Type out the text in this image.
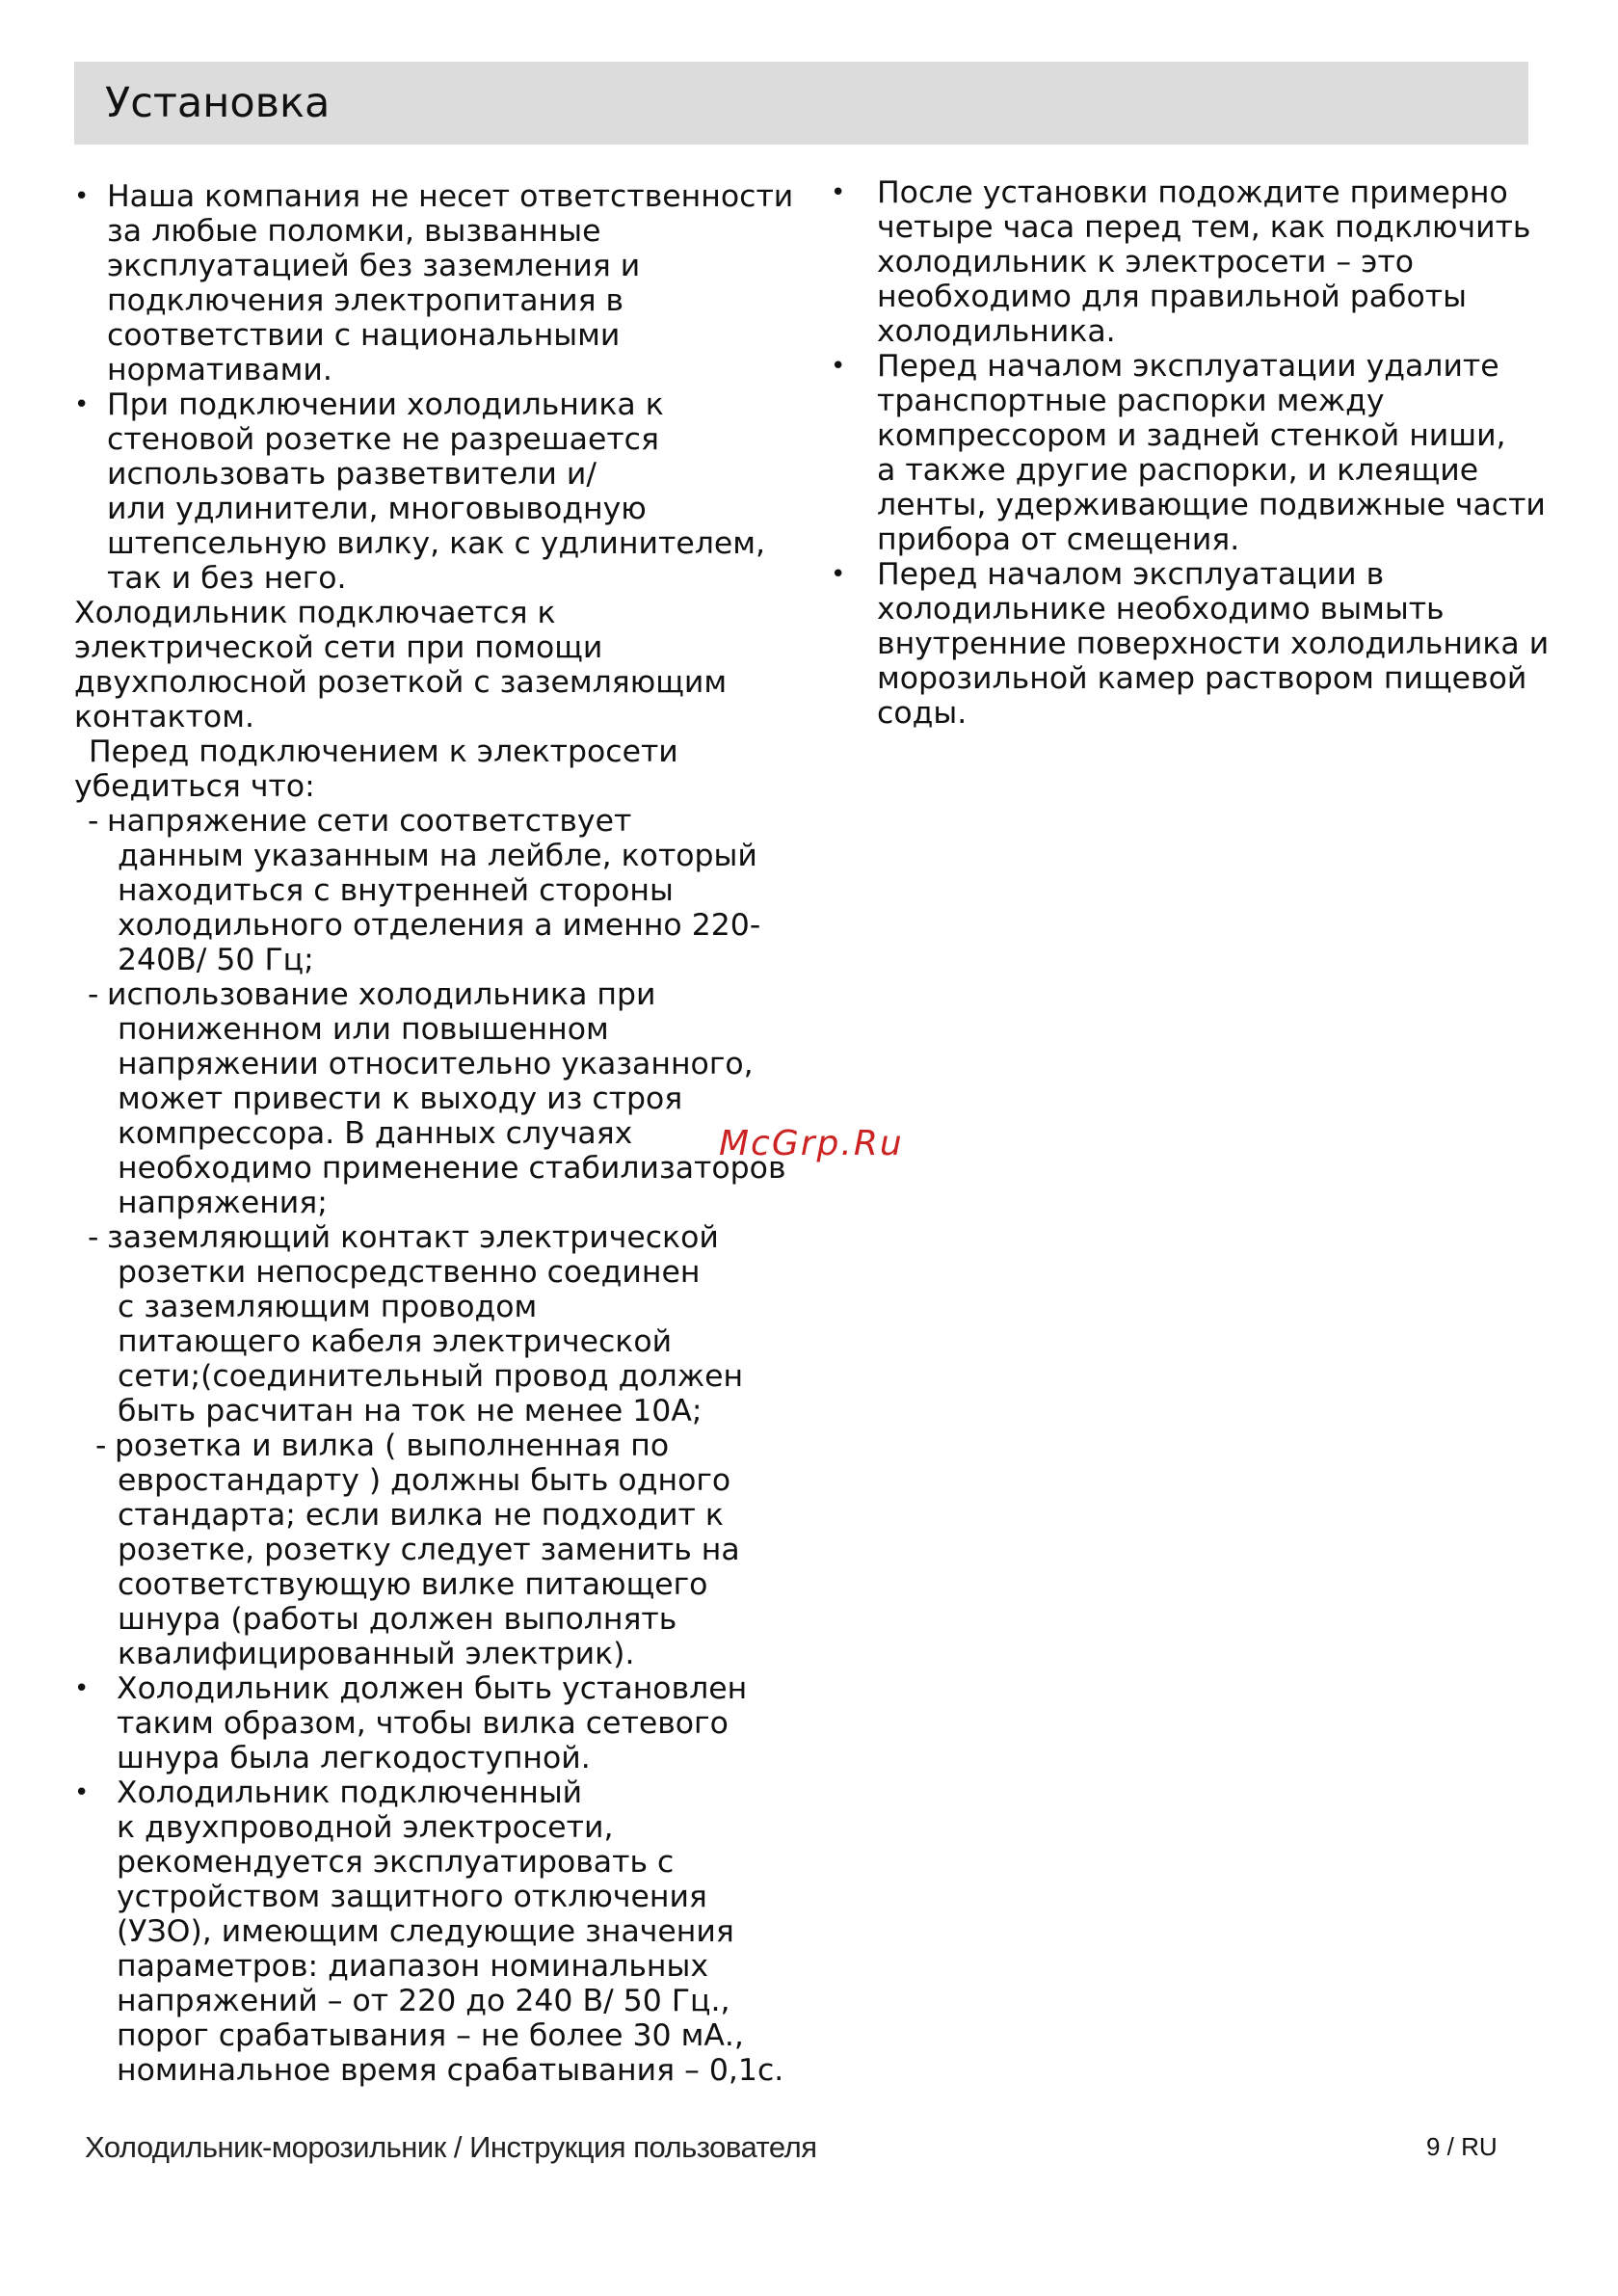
Установка
• Наша компания не несет ответственности
за любые поломки, вызванные
эксплуатацией без заземления и
подключения электропитания в
соответствии с национальными
нормативами.
• При подключении холодильника к
стеновой розетке не разрешается
использовать разветвители и/
или удлинители, многовыводную
штепсельную вилку, как с удлинителем,
так и без него.
Холодильник подключается к
электрической сети при помощи
двухполюсной розеткой с заземляющим
контактом.
Перед подключением к электросети
убедиться что:
- напряжение сети соответствует
данным указанным на лейбле, который
находиться с внутренней стороны
холодильного отделения а именно 220-
240В/ 50 Гц;
- использование холодильника при
пониженном или повышенном
напряжении относительно указанного,
может привести к выходу из строя
компрессора. В данных случаях
необходимо применение стабилизаторов
напряжения;
- заземляющий контакт электрической
розетки непосредственно соединен
с заземляющим проводом
питающего кабеля электрической
сети;(соединительный провод должен
быть расчитан на ток не менее 10А;
- розетка и вилка ( выполненная по
евростандарту ) должны быть одного
стандарта; если вилка не подходит к
розетке, розетку следует заменить на
соответствующую вилке питающего
шнура (работы должен выполнять
квалифицированный электрик).
• Холодильник должен быть установлен
таким образом, чтобы вилка сетевого
шнура была легкодоступной.
• Холодильник подключенный
к двухпроводной электросети,
рекомендуется эксплуатировать с
устройством защитного отключения
(УЗО), имеющим следующие значения
параметров: диапазон номинальных
напряжений – от 220 до 240 В/ 50 Гц.,
порог срабатывания – не более 30 мА.,
номинальное время срабатывания – 0,1с.
• После установки подождите примерно
четыре часа перед тем, как подключить
холодильник к электросети – это
необходимо для правильной работы
холодильника.
• Перед началом эксплуатации удалите
транспортные распорки между
компрессором и задней стенкой ниши,
а также другие распорки, и клеящие
ленты, удерживающие подвижные части
прибора от смещения.
• Перед началом эксплуатации в
холодильнике необходимо вымыть
внутренние поверхности холодильника и
морозильной камер раствором пищевой
соды.
McGrp.Ru
Холодильник-морозильник / Инструкция пользователя	9 / RU
